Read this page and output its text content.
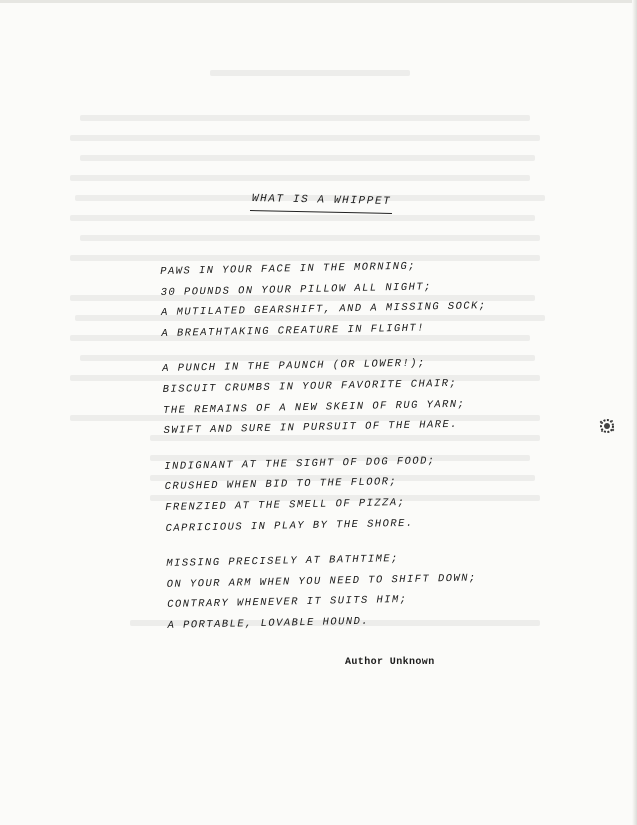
WHAT IS A WHIPPET
PAWS IN YOUR FACE IN THE MORNING;
30 POUNDS ON YOUR PILLOW ALL NIGHT;
A MUTILATED GEARSHIFT, AND A MISSING SOCK;
A BREATHTAKING CREATURE IN FLIGHT!
A PUNCH IN THE PAUNCH (OR LOWER!);
BISCUIT CRUMBS IN YOUR FAVORITE CHAIR;
THE REMAINS OF A NEW SKEIN OF RUG YARN;
SWIFT AND SURE IN PURSUIT OF THE HARE.
INDIGNANT AT THE SIGHT OF DOG FOOD;
CRUSHED WHEN BID TO THE FLOOR;
FRENZIED AT THE SMELL OF PIZZA;
CAPRICIOUS IN PLAY BY THE SHORE.
MISSING PRECISELY AT BATHTIME;
ON YOUR ARM WHEN YOU NEED TO SHIFT DOWN;
CONTRARY WHENEVER IT SUITS HIM;
A PORTABLE, LOVABLE HOUND.
Author Unknown
